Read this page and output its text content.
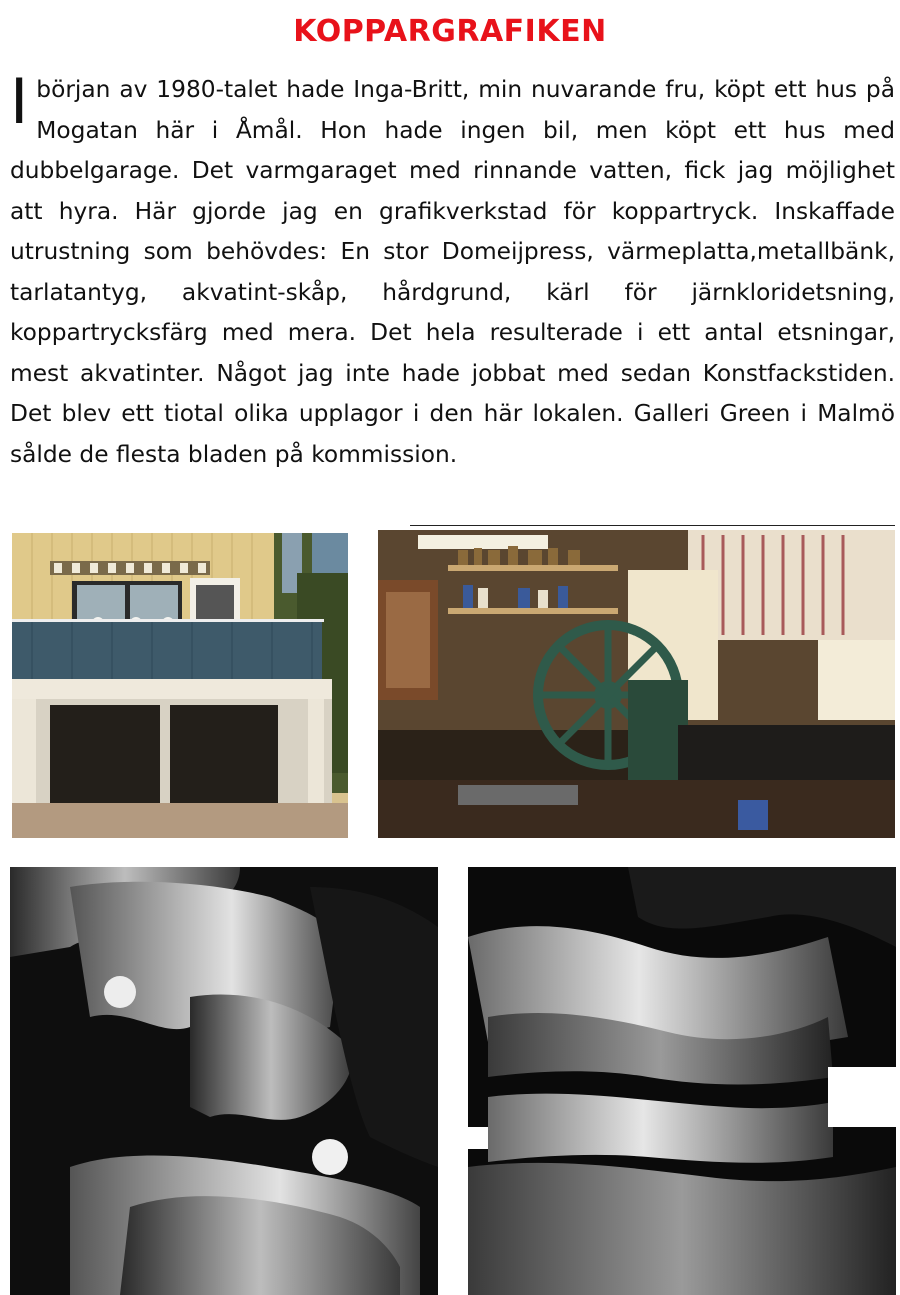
KOPPARGRAFIKEN

Ibörjan av 1980-talet hade Inga-Britt, min nuvarande fru, köpt ett hus på Mogatan här i Åmål. Hon hade ingen bil, men köpt ett hus med dubbelgarage. Det varmgaraget med rinnande vatten, fick jag möjlighet att hyra. Här gjorde jag en grafikverkstad för koppartryck. Inskaffade utrustning som behövdes: En stor Domeijpress, värmeplatta,metallbänk, tarlatantyg, akvatint-skåp, hårdgrund, kärl för järnkloridetsning, koppartrycksfärg med mera. Det hela resulterade i ett antal etsningar, mest akvatinter. Något jag inte hade jobbat med sedan Konstfackstiden. Det blev ett tiotal olika upplagor i den här lokalen. Galleri Green i Malmö sålde de flesta bladen på kommission.
